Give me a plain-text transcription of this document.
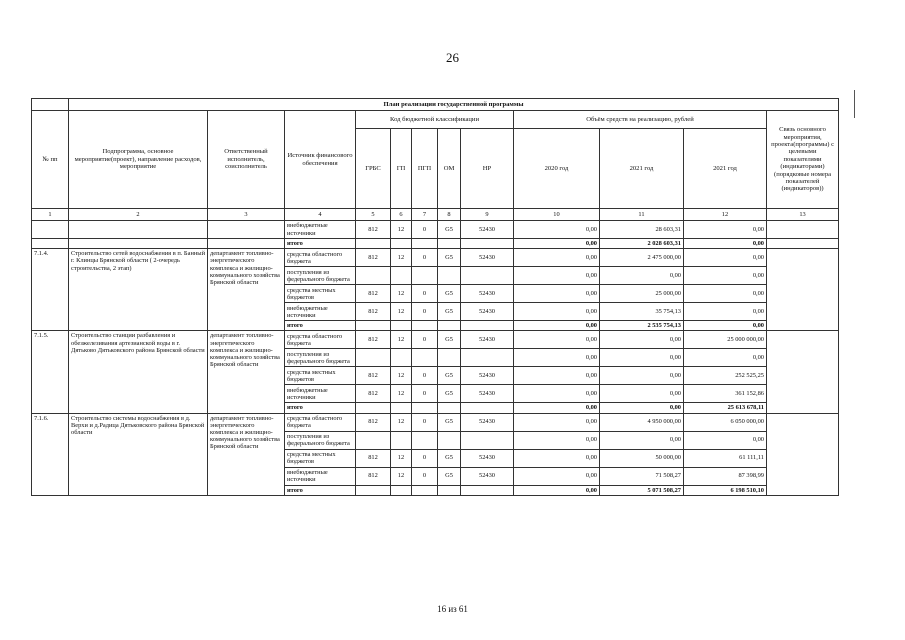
26
	План реализации государственной программы											
№ пп	Подпрограмма, основное мероприятие(проект), направление расходов, мероприятие	Ответственный исполнитель, соисполнитель	Источник финансового обеспечения	Код бюджетной классификации					Объём средств на реализацию, рублей			Связь основного мероприятия, проекта(программы) с целевыми показателями (индикаторами) (порядковые номера показателей (индикаторов))
				ГРБС	ГП	ПГП	ОМ	НР	2020 год	2021 год	2021 год	
1	2	3	4	5	6	7	8	9	10	11	12	13
			внебюджетные источники	812	12	0	G5	52430	0,00	28 603,31	0,00	
			итого						0,00	2 028 603,31	0,00	
7.1.4.	Строительство сетей водоснабжения в п. Банный г. Клинцы Брянской области ( 2-очередь строительства, 2 этап)	департамент топливно-энергетического комплекса и жилищно-коммунального хозяйства Брянской области	средства областного бюджета	812	12	0	G5	52430	0,00	2 475 000,00	0,00	
			поступления из федерального бюджета						0,00	0,00	0,00	
			средства местных бюджетов	812	12	0	G5	52430	0,00	25 000,00	0,00	
			внебюджетные источники	812	12	0	G5	52430	0,00	35 754,13	0,00	
			итого						0,00	2 535 754,13	0,00	
7.1.5.	Строительство станции разбавления и обезжелезивания артезианской воды в г. Дятьково Дятьковского района Брянской области	департамент топливно-энергетического комплекса и жилищно-коммунального хозяйства Брянской области	средства областного бюджета	812	12	0	G5	52430	0,00	0,00	25 000 000,00	
			поступления из федерального бюджета						0,00	0,00	0,00	
			средства местных бюджетов	812	12	0	G5	52430	0,00	0,00	252 525,25	
			внебюджетные источники	812	12	0	G5	52430	0,00	0,00	361 152,86	
			итого						0,00	0,00	25 613 678,11	
7.1.6.	Строительство системы водоснабжения в д. Верхи и д.Радица Дятьковского района Брянской области	департамент топливно-энергетического комплекса и жилищно-коммунального хозяйства Брянской области	средства областного бюджета	812	12	0	G5	52430	0,00	4 950 000,00	6 050 000,00	
			поступления из федерального бюджета						0,00	0,00	0,00	
			средства местных бюджетов	812	12	0	G5	52430	0,00	50 000,00	61 111,11	
			внебюджетные источники	812	12	0	G5	52430	0,00	71 508,27	87 398,99	
			итого						0,00	5 071 508,27	6 198 510,10	
16 из 61
